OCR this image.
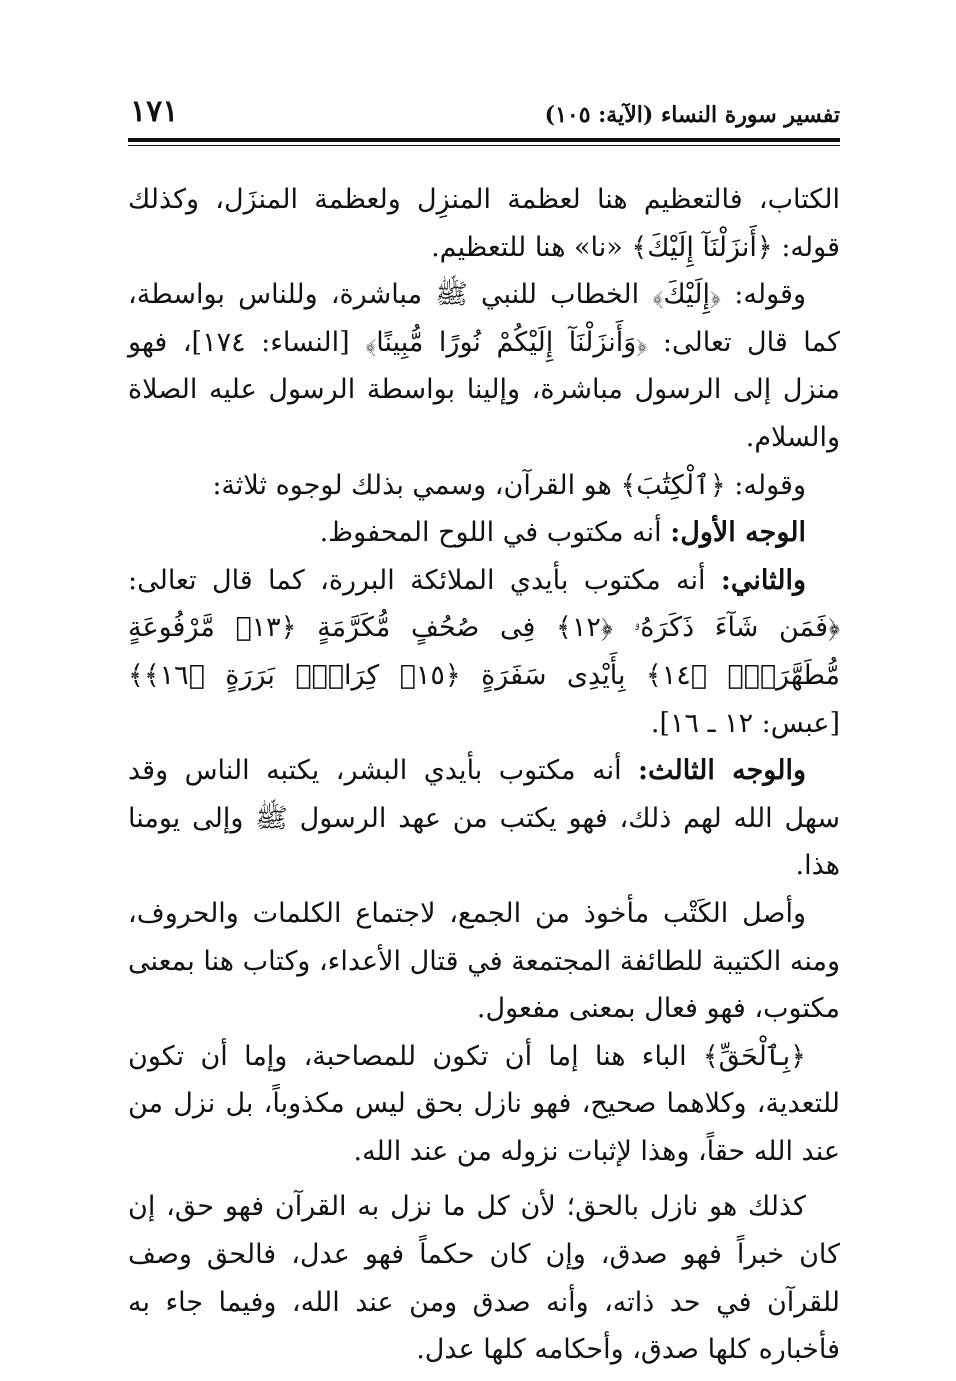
تفسير سورة النساء (الآية: ١٠٥)
١٧١

الكتاب، فالتعظيم هنا لعظمة المنزِل ولعظمة المنزَل، وكذلك قوله: ﴿أَنزَلْنَآ إِلَيْكَ﴾ «نا» هنا للتعظيم.

وقوله: ﴿إِلَيْكَ﴾ الخطاب للنبي ﷺ مباشرة، وللناس بواسطة، كما قال تعالى: ﴿وَأَنزَلْنَآ إِلَيْكُمْ نُورًا مُّبِينًا﴾ [النساء: ١٧٤]، فهو منزل إلى الرسول مباشرة، وإلينا بواسطة الرسول عليه الصلاة والسلام.

وقوله: ﴿ٱلْكِتَٰبَ﴾ هو القرآن، وسمي بذلك لوجوه ثلاثة:

الوجه الأول: أنه مكتوب في اللوح المحفوظ.

والثاني: أنه مكتوب بأيدي الملائكة البررة، كما قال تعالى: ﴿فَمَن شَآءَ ذَكَرَهُۥ ﴿١٢﴾ فِى صُحُفٍ مُّكَرَّمَةٍ ﴿١٣﴾ مَّرْفُوعَةٍ مُّطَهَّرَةٍۭ ﴿١٤﴾ بِأَيْدِى سَفَرَةٍ ﴿١٥﴾ كِرَامٍۭ بَرَرَةٍ ﴿١٦﴾﴾ [عبس: ١٢ ـ ١٦].

والوجه الثالث: أنه مكتوب بأيدي البشر، يكتبه الناس وقد سهل الله لهم ذلك، فهو يكتب من عهد الرسول ﷺ وإلى يومنا هذا.

وأصل الكَتْب مأخوذ من الجمع، لاجتماع الكلمات والحروف، ومنه الكتيبة للطائفة المجتمعة في قتال الأعداء، وكتاب هنا بمعنى مكتوب، فهو فعال بمعنى مفعول.

﴿بِٱلْحَقِّ﴾ الباء هنا إما أن تكون للمصاحبة، وإما أن تكون للتعدية، وكلاهما صحيح، فهو نازل بحق ليس مكذوباً، بل نزل من عند الله حقاً، وهذا لإثبات نزوله من عند الله.

كذلك هو نازل بالحق؛ لأن كل ما نزل به القرآن فهو حق، إن كان خبراً فهو صدق، وإن كان حكماً فهو عدل، فالحق وصف للقرآن في حد ذاته، وأنه صدق ومن عند الله، وفيما جاء به فأخباره كلها صدق، وأحكامه كلها عدل.
